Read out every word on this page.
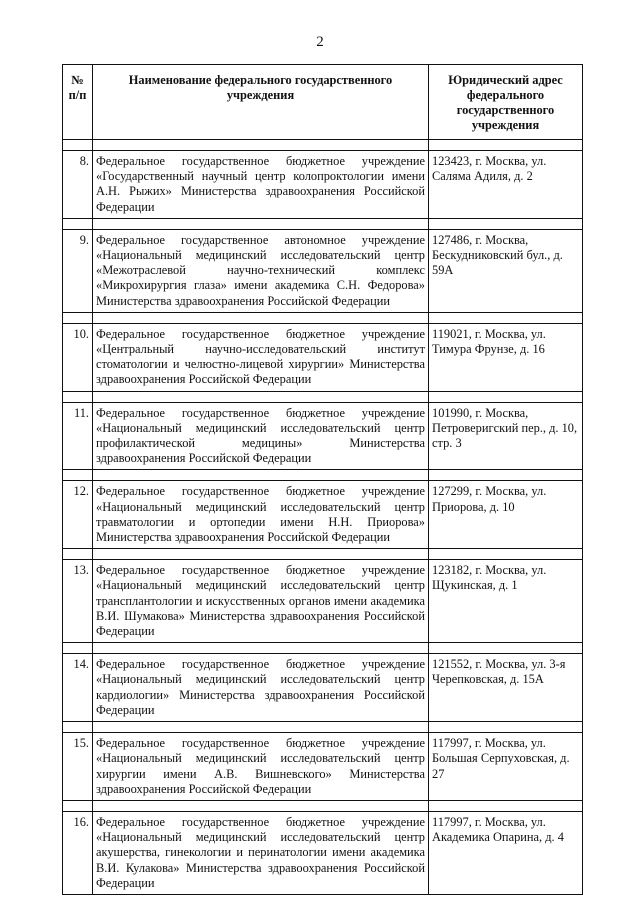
2
№ п/п	Наименование федерального государственного учреждения	Юридический адрес федерального государственного учреждения

8.	Федеральное государственное бюджетное учреждение «Государственный научный центр колопроктологии имени А.Н. Рыжих» Министерства здравоохранения Российской Федерации	123423, г. Москва, ул. Саляма Адиля, д. 2

9.	Федеральное государственное автономное учреждение «Национальный медицинский исследовательский центр «Межотраслевой научно-технический комплекс «Микрохирургия глаза» имени академика С.Н. Федорова» Министерства здравоохранения Российской Федерации	127486, г. Москва, Бескудниковский бул., д. 59А

10.	Федеральное государственное бюджетное учреждение «Центральный научно-исследовательский институт стоматологии и челюстно-лицевой хирургии» Министерства здравоохранения Российской Федерации	119021, г. Москва, ул. Тимура Фрунзе, д. 16

11.	Федеральное государственное бюджетное учреждение «Национальный медицинский исследовательский центр профилактической медицины» Министерства здравоохранения Российской Федерации	101990, г. Москва, Петроверигский пер., д. 10, стр. 3

12.	Федеральное государственное бюджетное учреждение «Национальный медицинский исследовательский центр травматологии и ортопедии имени Н.Н. Приорова» Министерства здравоохранения Российской Федерации	127299, г. Москва, ул. Приорова, д. 10

13.	Федеральное государственное бюджетное учреждение «Национальный медицинский исследовательский центр трансплантологии и искусственных органов имени академика В.И. Шумакова» Министерства здравоохранения Российской Федерации	123182, г. Москва, ул. Щукинская, д. 1

14.	Федеральное государственное бюджетное учреждение «Национальный медицинский исследовательский центр кардиологии» Министерства здравоохранения Российской Федерации	121552, г. Москва, ул. 3-я Черепковская, д. 15А

15.	Федеральное государственное бюджетное учреждение «Национальный медицинский исследовательский центр хирургии имени А.В. Вишневского» Министерства здравоохранения Российской Федерации	117997, г. Москва, ул. Большая Серпуховская, д. 27

16.	Федеральное государственное бюджетное учреждение «Национальный медицинский исследовательский центр акушерства, гинекологии и перинатологии имени академика В.И. Кулакова» Министерства здравоохранения Российской Федерации	117997, г. Москва, ул. Академика Опарина, д. 4
